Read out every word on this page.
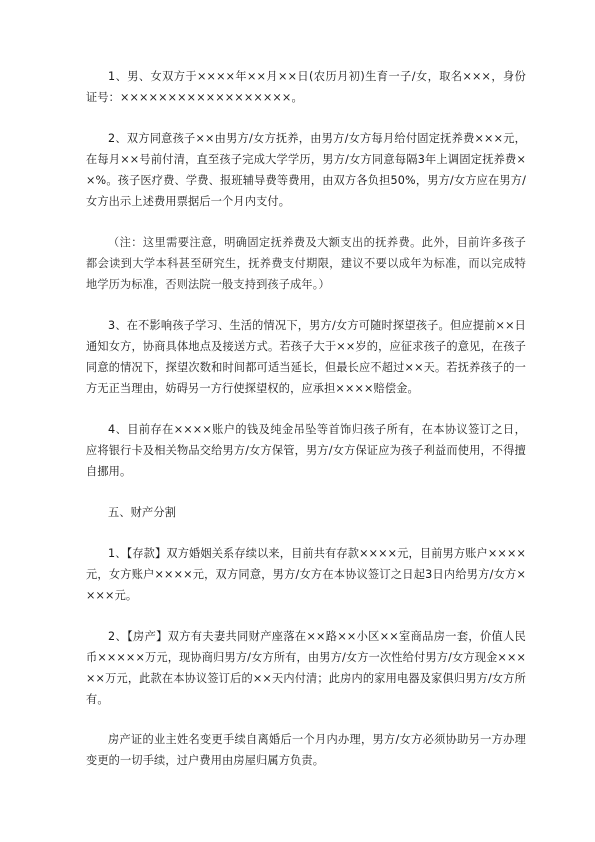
1、男、女双方于××××年××月××日(农历月初)生育一子/女，取名×××，身份证号：××××××××××××××××××。

2、双方同意孩子××由男方/女方抚养，由男方/女方每月给付固定抚养费×××元，在每月××号前付清，直至孩子完成大学学历，男方/女方同意每隔3年上调固定抚养费××%。孩子医疗费、学费、报班辅导费等费用，由双方各负担50%，男方/女方应在男方/女方出示上述费用票据后一个月内支付。

（注：这里需要注意，明确固定抚养费及大额支出的抚养费。此外，目前许多孩子都会读到大学本科甚至研究生，抚养费支付期限，建议不要以成年为标准，而以完成特地学历为标准，否则法院一般支持到孩子成年。）

3、在不影响孩子学习、生活的情况下，男方/女方可随时探望孩子。但应提前××日通知女方，协商具体地点及接送方式。若孩子大于××岁的，应征求孩子的意见，在孩子同意的情况下，探望次数和时间都可适当延长，但最长应不超过××天。若抚养孩子的一方无正当理由，妨碍另一方行使探望权的，应承担××××赔偿金。

4、目前存在××××账户的钱及纯金吊坠等首饰归孩子所有，在本协议签订之日，应将银行卡及相关物品交给男方/女方保管，男方/女方保证应为孩子利益而使用，不得擅自挪用。

五、财产分割

1、【存款】双方婚姻关系存续以来，目前共有存款××××元，目前男方账户××××元，女方账户××××元，双方同意，男方/女方在本协议签订之日起3日内给男方/女方××××元。

2、【房产】双方有夫妻共同财产座落在××路××小区××室商品房一套，价值人民币×××××万元，现协商归男方/女方所有，由男方/女方一次性给付男方/女方现金×××××万元，此款在本协议签订后的××天内付清；此房内的家用电器及家俱归男方/女方所有。

房产证的业主姓名变更手续自离婚后一个月内办理，男方/女方必须协助另一方办理变更的一切手续，过户费用由房屋归属方负责。
